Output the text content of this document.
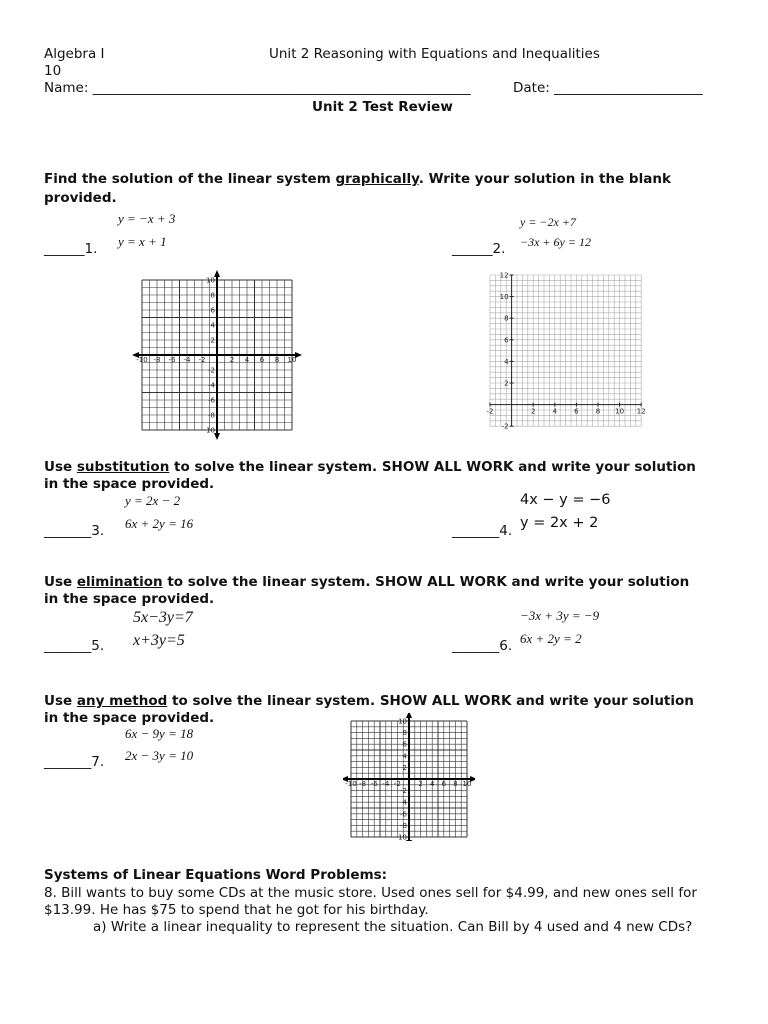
Algebra I	Unit 2 Reasoning with Equations and Inequalities
10
Name: ________________________________________________________	Date: ______________________
Unit 2 Test Review
Find the solution of the linear system graphically. Write your solution in the blank
provided.
y = −x + 3
______1. y = x + 1
y = −2x +7
______2. −3x + 6y = 12
-10 -8 -6 -4 -2	2 4 6 8 10
10
8
6
4
2
-2
-4
-6
-8
-10
-2	2 4 6 8 10 12
12
10
8
6
4
2
-2
Use substitution to solve the linear system. SHOW ALL WORK and write your solution
in the space provided.
y = 2x − 2
_______3. 6x + 2y = 16
4x − y = −6
_______4. y = 2x + 2
Use elimination to solve the linear system. SHOW ALL WORK and write your solution
in the space provided.
5x−3y=7
_______5. x+3y=5
−3x + 3y = −9
_______6. 6x + 2y = 2
Use any method to solve the linear system. SHOW ALL WORK and write your solution
in the space provided.
6x − 9y = 18
_______7. 2x − 3y = 10
-10 -8 -6 -4 -2 2 4 6 8 10
10
8
6
4
2
-2
-4
-6
-8
-10
Systems of Linear Equations Word Problems:
8. Bill wants to buy some CDs at the music store. Used ones sell for $4.99, and new ones sell for
$13.99. He has $75 to spend that he got for his birthday.
a) Write a linear inequality to represent the situation. Can Bill by 4 used and 4 new CDs?
